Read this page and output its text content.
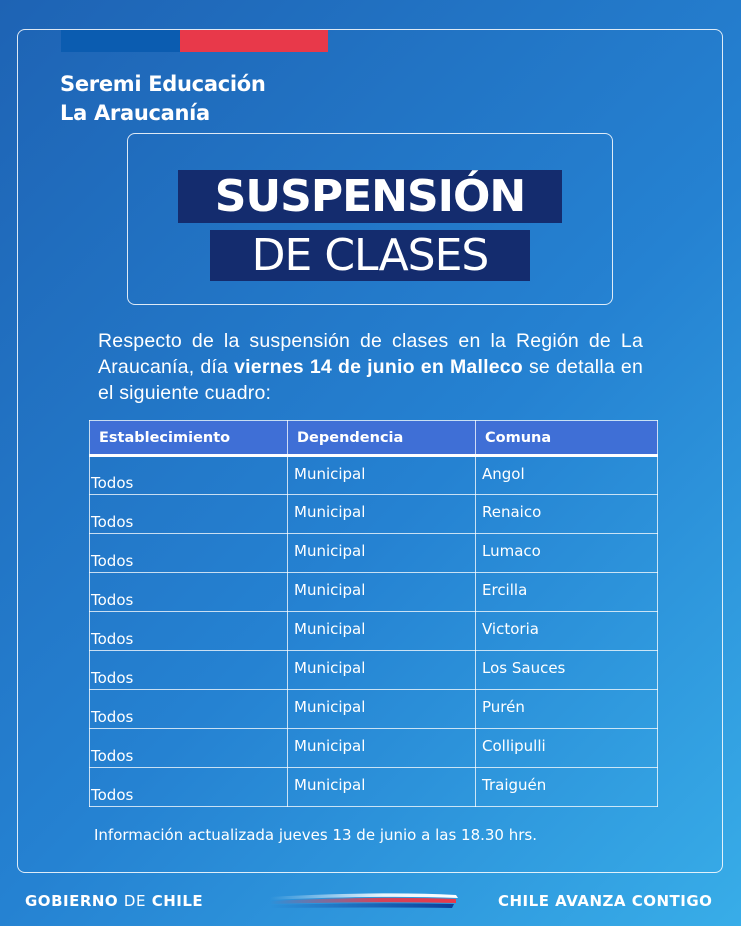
Seremi Educación
La Araucanía
SUSPENSIÓN
DE CLASES

Respecto de la suspensión de clases en la Región de La Araucanía, día viernes 14 de junio en Malleco se detalla en el siguiente cuadro:

Establecimiento	Dependencia	Comuna
Todos	Municipal	Angol
Todos	Municipal	Renaico
Todos	Municipal	Lumaco
Todos	Municipal	Ercilla
Todos	Municipal	Victoria
Todos	Municipal	Los Sauces
Todos	Municipal	Purén
Todos	Municipal	Collipulli
Todos	Municipal	Traiguén
Información actualizada jueves 13 de junio a las 18.30 hrs.
GOBIERNO DE CHILE	CHILE AVANZA CONTIGO
